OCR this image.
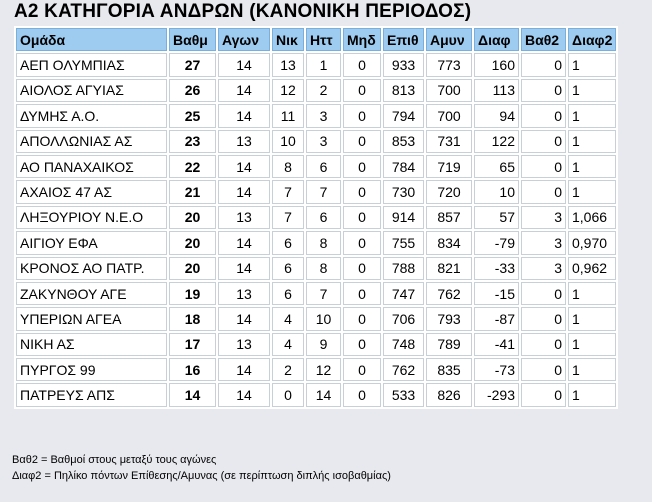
Α2 ΚΑΤΗΓΟΡΙΑ ΑΝΔΡΩΝ (ΚΑΝΟΝΙΚΗ ΠΕΡΙΟΔΟΣ)
Ομάδα	Βαθμ	Αγων	Νικ	Ηττ	Μηδ	Επιθ	Αμυν	Διαφ	Βαθ2	Διαφ2
ΑΕΠ ΟΛΥΜΠΙΑΣ	27	14	13	1	0	933	773	160	0	1
ΑΙΟΛΟΣ ΑΓΥΙΑΣ	26	14	12	2	0	813	700	113	0	1
ΔΥΜΗΣ Α.Ο.	25	14	11	3	0	794	700	94	0	1
ΑΠΟΛΛΩΝΙΑΣ ΑΣ	23	13	10	3	0	853	731	122	0	1
ΑΟ ΠΑΝΑΧΑΙΚΟΣ	22	14	8	6	0	784	719	65	0	1
ΑΧΑΙΟΣ 47 ΑΣ	21	14	7	7	0	730	720	10	0	1
ΛΗΞΟΥΡΙΟΥ Ν.Ε.Ο	20	13	7	6	0	914	857	57	3	1,066
ΑΙΓΙΟΥ ΕΦΑ	20	14	6	8	0	755	834	-79	3	0,970
ΚΡΟΝΟΣ ΑΟ ΠΑΤΡ.	20	14	6	8	0	788	821	-33	3	0,962
ΖΑΚΥΝΘΟΥ ΑΓΕ	19	13	6	7	0	747	762	-15	0	1
ΥΠΕΡΙΩΝ ΑΓΕΑ	18	14	4	10	0	706	793	-87	0	1
ΝΙΚΗ ΑΣ	17	13	4	9	0	748	789	-41	0	1
ΠΥΡΓΟΣ 99	16	14	2	12	0	762	835	-73	0	1
ΠΑΤΡΕΥΣ ΑΠΣ	14	14	0	14	0	533	826	-293	0	1
Βαθ2 = Βαθμοί στους μεταξύ τους αγώνες
Διαφ2 = Πηλίκο πόντων Επίθεσης/Αμυνας (σε περίπτωση διπλής ισοβαθμίας)
